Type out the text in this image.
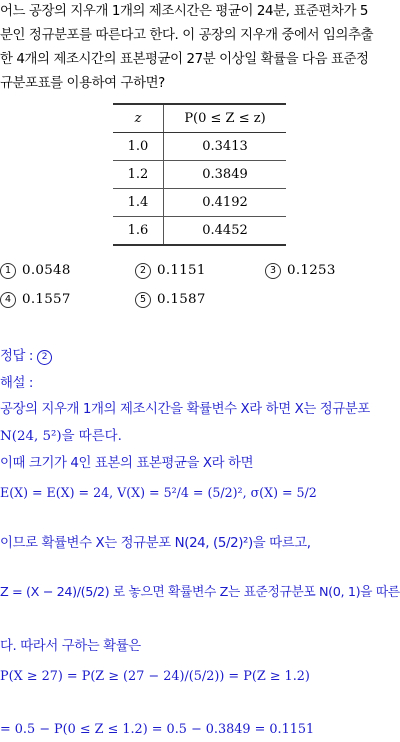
어느 공장의 지우개 1개의 제조시간은 평균이 24분, 표준편차가 5
분인 정규분포를 따른다고 한다. 이 공장의 지우개 중에서 임의추출
한 4개의 제조시간의 표본평균이 27분 이상일 확률을 다음 표준정
규분포표를 이용하여 구하면?
z	P(0 ≤ Z ≤ z)
1.0	0.3413
1.2	0.3849
1.4	0.4192
1.6	0.4452
1 0.0548	2 0.1151	3 0.1253
4 0.1557	5 0.1587
정답 : 2
해설 :
공장의 지우개 1개의 제조시간을 확률변수 X라 하면 X는 정규분포
N(24, 5²)을 따른다.
이때 크기가 4인 표본의 표본평균을 X라 하면
E(X) = E(X) = 24, V(X) = 5²/4 = (5/2)², σ(X) = 5/2
이므로 확률변수 X는 정규분포 N(24, (5/2)²)을 따르고,
Z = (X − 24)/(5/2) 로 놓으면 확률변수 Z는 표준정규분포 N(0, 1)을 따른
다. 따라서 구하는 확률은
P(X ≥ 27) = P(Z ≥ (27 − 24)/(5/2)) = P(Z ≥ 1.2)
= 0.5 − P(0 ≤ Z ≤ 1.2) = 0.5 − 0.3849 = 0.1151
